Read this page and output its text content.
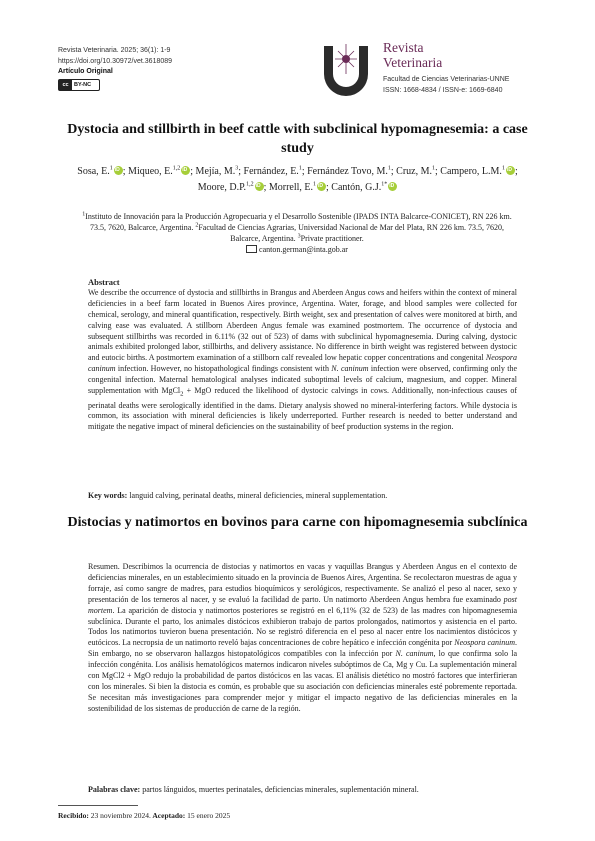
Revista Veterinaria. 2025; 36(1): 1-9
https://doi.org/10.30972/vet.3618089
Artículo Original
cc BY-NC
Revista
Veterinaria
Facultad de Ciencias Veterinarias-UNNE
ISSN: 1668-4834 / ISSN-e: 1669-6840
Dystocia and stillbirth in beef cattle with subclinical hypomagnesemia: a case study
Sosa, E.$^1$ iD ; Miqueo, E.$^{1,2}$ iD ; Mejía, M.$^3$; Fernández, E.$^1$; Fernández Tovo, M.$^1$; Cruz, M.$^1$; Campero, L.M.$^1$ iD ; Moore, D.P.$^{1,2}$ iD ; Morrell, E.$^1$ iD ; Cantón, G.J.$^{1*}$iD
$^1$Instituto de Innovación para la Producción Agropecuaria y el Desarrollo Sostenible (IPADS INTA Balcarce-CONICET), RN 226 km. 73.5, 7620, Balcarce, Argentina. $^2$Facultad de Ciencias Agrarias, Universidad Nacional de Mar del Plata, RN 226 km. 73.5, 7620, Balcarce, Argentina. $^3$Private practitioner.
canton.german@inta.gob.ar
Abstract
We describe the occurrence of dystocia and stillbirths in Brangus and Aberdeen Angus cows and heifers within the context of mineral deficiencies in a beef farm located in Buenos Aires province, Argentina. Water, forage, and blood samples were collected for chemical, serology, and mineral quantification, respectively. Birth weight, sex and presentation of calves were monitored at birth, and calving ease was evaluated. A stillborn Aberdeen Angus female was examined postmortem. The occurrence of dystocia and subsequent stillbirths was recorded in 6.11% (32 out of 523) of dams with subclinical hypomagnesemia. During calving, dystocic animals exhibited prolonged labor, stillbirths, and delivery assistance. No difference in birth weight was registered between dystocic and eutocic births. A postmortem examination of a stillborn calf revealed low hepatic copper concentrations and congenital Neospora caninum infection. However, no histopathological findings consistent with N. caninum infection were observed, confirming only the congenital infection. Maternal hematological analyses indicated suboptimal levels of calcium, magnesium, and copper. Mineral supplementation with MgCl$_2$ + MgO reduced the likelihood of dystocic calvings in cows. Additionally, non-infectious causes of perinatal deaths were serologically identified in the dams. Dietary analysis showed no mineral-interfering factors. While dystocia is common, its association with mineral deficiencies is likely underreported. Further research is needed to better understand and mitigate the negative impact of mineral deficiencies on the sustainability of beef production systems in the region.
Key words: languid calving, perinatal deaths, mineral deficiencies, mineral supplementation.
Distocias y natimortos en bovinos para carne con hipomagnesemia subclínica
Resumen. Describimos la ocurrencia de distocias y natimortos en vacas y vaquillas Brangus y Aberdeen Angus en el contexto de deficiencias minerales, en un establecimiento situado en la provincia de Buenos Aires, Argentina. Se recolectaron muestras de agua y forraje, así como sangre de madres, para estudios bioquímicos y serológicos, respectivamente. Se analizó el peso al nacer, sexo y presentación de los terneros al nacer, y se evaluó la facilidad de parto. Un natimorto Aberdeen Angus hembra fue examinado post mortem. La aparición de distocia y natimortos posteriores se registró en el 6,11% (32 de 523) de las madres con hipomagnesemia subclínica. Durante el parto, los animales distócicos exhibieron trabajo de partos prolongados, natimortos y asistencia en el parto. Todos los natimortos tuvieron buena presentación. No se registró diferencia en el peso al nacer entre los nacimientos distócicos y eutócicos. La necropsia de un natimorto reveló bajas concentraciones de cobre hepático e infección congénita por Neospora caninum. Sin embargo, no se observaron hallazgos histopatológicos compatibles con la infección por N. caninum, lo que confirma solo la infección congénita. Los análisis hematológicos maternos indicaron niveles subóptimos de Ca, Mg y Cu. La suplementación mineral con MgCl2 + MgO redujo la probabilidad de partos distócicos en las vacas. El análisis dietético no mostró factores que interfirieran con los minerales. Si bien la distocia es común, es probable que su asociación con deficiencias minerales esté pobremente reportada. Se necesitan más investigaciones para comprender mejor y mitigar el impacto negativo de las deficiencias minerales en la sostenibilidad de los sistemas de producción de carne de la región.
Palabras clave: partos lánguidos, muertes perinatales, deficiencias minerales, suplementación mineral.
Recibido: 23 noviembre 2024. Aceptado: 15 enero 2025
